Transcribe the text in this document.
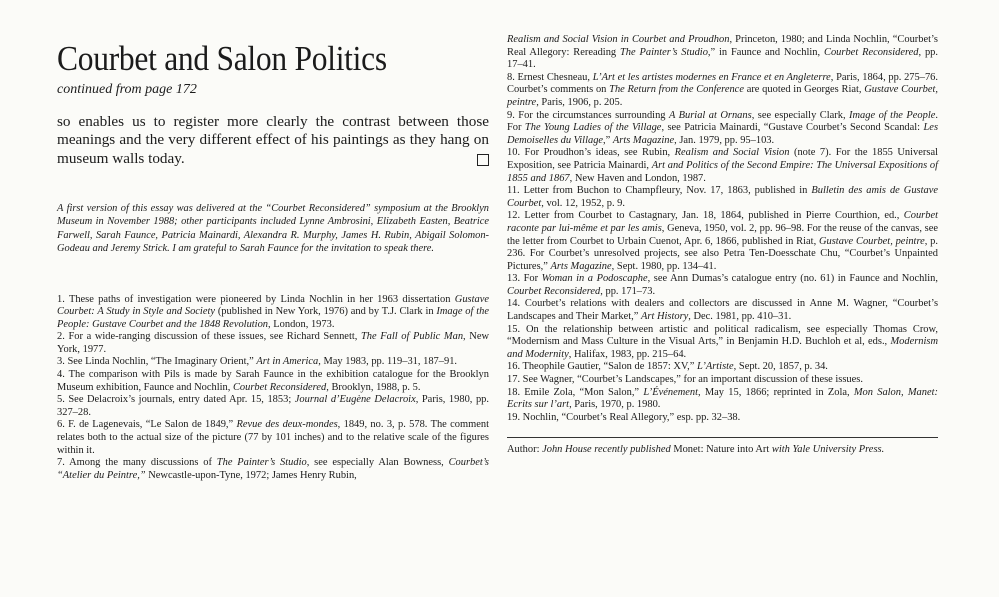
Courbet and Salon Politics
continued from page 172
so enables us to register more clearly the contrast between those meanings and the very different effect of his paintings as they hang on museum walls today.
A first version of this essay was delivered at the “Courbet Reconsidered” symposium at the Brooklyn Museum in November 1988; other participants included Lynne Ambrosini, Elizabeth Easten, Beatrice Farwell, Sarah Faunce, Patricia Mainardi, Alexandra R. Murphy, James H. Rubin, Abigail Solomon-Godeau and Jeremy Strick. I am grateful to Sarah Faunce for the invitation to speak there.

1. These paths of investigation were pioneered by Linda Nochlin in her 1963 dissertation Gustave Courbet: A Study in Style and Society (published in New York, 1976) and by T.J. Clark in Image of the People: Gustave Courbet and the 1848 Revolution, London, 1973.

2. For a wide-ranging discussion of these issues, see Richard Sennett, The Fall of Public Man, New York, 1977.

3. See Linda Nochlin, “The Imaginary Orient,” Art in America, May 1983, pp. 119–31, 187–91.

4. The comparison with Pils is made by Sarah Faunce in the exhibition catalogue for the Brooklyn Museum exhibition, Faunce and Nochlin, Courbet Reconsidered, Brooklyn, 1988, p. 5.

5. See Delacroix’s journals, entry dated Apr. 15, 1853; Journal d’Eugène Delacroix, Paris, 1980, pp. 327–28.

6. F. de Lagenevais, “Le Salon de 1849,” Revue des deux-mondes, 1849, no. 3, p. 578. The comment relates both to the actual size of the picture (77 by 101 inches) and to the relative scale of the figures within it.

7. Among the many discussions of The Painter’s Studio, see especially Alan Bowness, Courbet’s “Atelier du Peintre,” Newcastle-upon-Tyne, 1972; James Henry Rubin,

Realism and Social Vision in Courbet and Proudhon, Princeton, 1980; and Linda Nochlin, “Courbet’s Real Allegory: Rereading The Painter’s Studio,” in Faunce and Nochlin, Courbet Reconsidered, pp. 17–41.

8. Ernest Chesneau, L’Art et les artistes modernes en France et en Angleterre, Paris, 1864, pp. 275–76. Courbet’s comments on The Return from the Conference are quoted in Georges Riat, Gustave Courbet, peintre, Paris, 1906, p. 205.

9. For the circumstances surrounding A Burial at Ornans, see especially Clark, Image of the People. For The Young Ladies of the Village, see Patricia Mainardi, “Gustave Courbet’s Second Scandal: Les Demoiselles du Village,” Arts Magazine, Jan. 1979, pp. 95–103.

10. For Proudhon’s ideas, see Rubin, Realism and Social Vision (note 7). For the 1855 Universal Exposition, see Patricia Mainardi, Art and Politics of the Second Empire: The Universal Expositions of 1855 and 1867, New Haven and London, 1987.

11. Letter from Buchon to Champfleury, Nov. 17, 1863, published in Bulletin des amis de Gustave Courbet, vol. 12, 1952, p. 9.

12. Letter from Courbet to Castagnary, Jan. 18, 1864, published in Pierre Courthion, ed., Courbet raconte par lui-même et par les amis, Geneva, 1950, vol. 2, pp. 96–98. For the reuse of the canvas, see the letter from Courbet to Urbain Cuenot, Apr. 6, 1866, published in Riat, Gustave Courbet, peintre, p. 236. For Courbet’s unresolved projects, see also Petra Ten-Doesschate Chu, “Courbet’s Unpainted Pictures,” Arts Magazine, Sept. 1980, pp. 134–41.

13. For Woman in a Podoscaphe, see Ann Dumas’s catalogue entry (no. 61) in Faunce and Nochlin, Courbet Reconsidered, pp. 171–73.

14. Courbet’s relations with dealers and collectors are discussed in Anne M. Wagner, “Courbet’s Landscapes and Their Market,” Art History, Dec. 1981, pp. 410–31.

15. On the relationship between artistic and political radicalism, see especially Thomas Crow, “Modernism and Mass Culture in the Visual Arts,” in Benjamin H.D. Buchloh et al, eds., Modernism and Modernity, Halifax, 1983, pp. 215–64.

16. Theophile Gautier, “Salon de 1857: XV,” L’Artiste, Sept. 20, 1857, p. 34.

17. See Wagner, “Courbet’s Landscapes,” for an important discussion of these issues.

18. Emile Zola, “Mon Salon,” L’Événement, May 15, 1866; reprinted in Zola, Mon Salon, Manet: Ecrits sur l’art, Paris, 1970, p. 1980.

19. Nochlin, “Courbet’s Real Allegory,” esp. pp. 32–38.

Author: John House recently published Monet: Nature into Art with Yale University Press.
